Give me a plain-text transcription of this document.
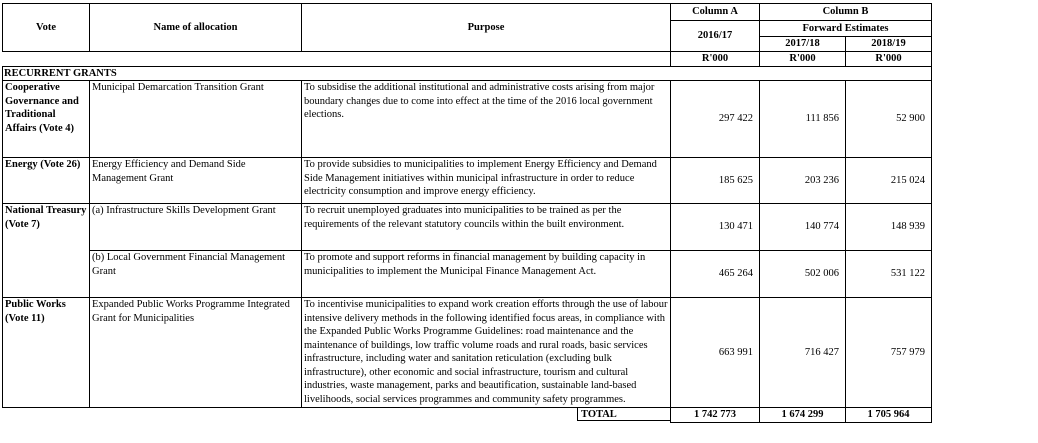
Vote	Name of allocation	Purpose	Column A	Column B	
			2016/17	Forward Estimates	
				2017/18	2018/19
			R'000	R'000	R'000
RECURRENT GRANTS					
Cooperative Governance and Traditional Affairs (Vote 4)	Municipal Demarcation Transition Grant	To subsidise the additional institutional and administrative costs arising from major boundary changes due to come into effect at the time of the 2016 local government elections.	297 422	111 856	52 900
Energy (Vote 26)	Energy Efficiency and Demand Side Management Grant	To provide subsidies to municipalities to implement Energy Efficiency and Demand Side Management initiatives within municipal infrastructure in order to reduce electricity consumption and improve energy efficiency.	185 625	203 236	215 024
National Treasury (Vote 7)	(a) Infrastructure Skills Development Grant	To recruit unemployed graduates into municipalities to be trained as per the requirements of the relevant statutory councils within the built environment.	130 471	140 774	148 939
	(b) Local Government Financial Management Grant	To promote and support reforms in financial management by building capacity in municipalities to implement the Municipal Finance Management Act.	465 264	502 006	531 122
Public Works (Vote 11)	Expanded Public Works Programme Integrated Grant for Municipalities	To incentivise municipalities to expand work creation efforts through the use of labour intensive delivery methods in the following identified focus areas, in compliance with the Expanded Public Works Programme Guidelines: road maintenance and the maintenance of buildings, low traffic volume roads and rural roads, basic services infrastructure, including water and sanitation reticulation (excluding bulk infrastructure), other economic and social infrastructure, tourism and cultural industries, waste management, parks and beautification, sustainable land-based livelihoods, social services programmes and community safety programmes.	663 991	716 427	757 979

		TOTAL	1 742 773	1 674 299	1 705 964
